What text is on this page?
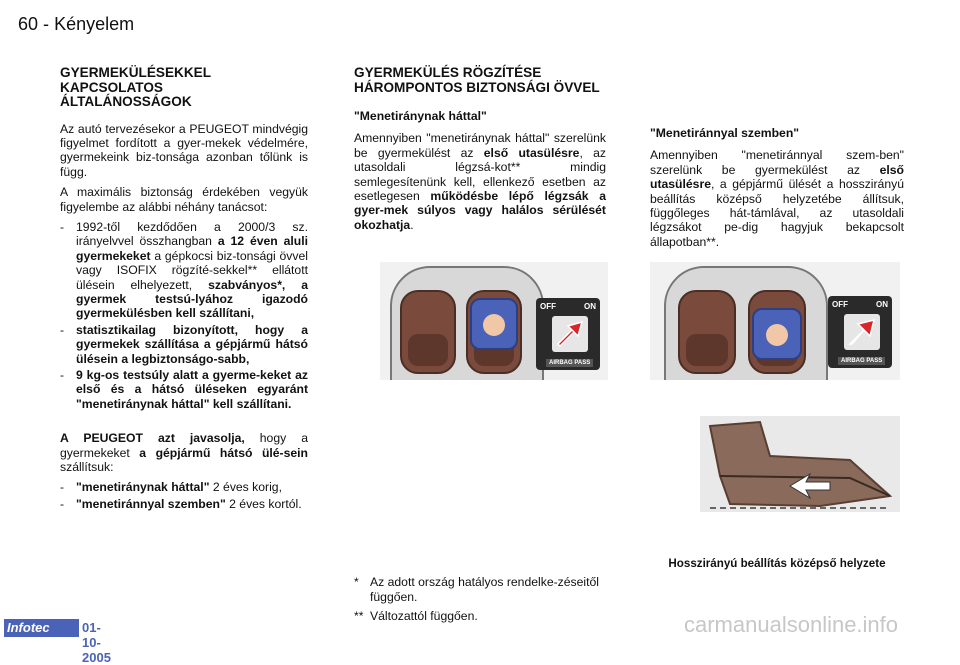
60 - Kényelem
GYERMEKÜLÉSEKKEL KAPCSOLATOS ÁLTALÁNOSSÁGOK

Az autó tervezésekor a PEUGEOT mindvégig figyelmet fordított a gyer-mekek védelmére, gyermekeink biz-tonsága azonban tőlünk is függ.

A maximális biztonság érdekében vegyük figyelembe az alábbi néhány tanácsot:

- 1992-től kezdődően a 2000/3 sz. irányelvvel összhangban a 12 éven aluli gyermekeket a gépkocsi biz-tonsági övvel vagy ISOFIX rögzíté-sekkel** ellátott ülésein elhelyezett, szabványos*, a gyermek testsú-lyához igazodó gyermekülésben kell szállítani,
- statisztikailag bizonyított, hogy a gyermekek szállítása a gépjármű hátsó ülésein a legbiztonságo-sabb,
- 9 kg-os testsúly alatt a gyerme-keket az első és a hátsó üléseken egyaránt "menetiránynak háttal" kell szállítani.

A PEUGEOT azt javasolja, hogy a gyermekeket a gépjármű hátsó ülé-sein szállítsuk:

- "menetiránynak háttal" 2 éves korig,
- "menetiránnyal szemben" 2 éves kortól.
GYERMEKÜLÉS RÖGZÍTÉSE HÁROMPONTOS BIZTONSÁGI ÖVVEL
"Menetiránynak háttal"

Amennyiben "menetiránynak háttal" szerelünk be gyermekülést az első utasülésre, az utasoldali légzsá-kot** mindig semlegesítenünk kell, ellenkező esetben az esetlegesen működésbe lépő légzsák a gyer-mek súlyos vagy halálos sérülését okozhatja.

"Menetiránnyal szemben"

Amennyiben "menetiránnyal szem-ben" szerelünk be gyermekülést az első utasülésre, a gépjármű ülését a hosszirányú beállítás középső helyzetébe állítsuk, függőleges hát-támlával, az utasoldali légzsákot pe-dig hagyjuk bekapcsolt állapotban**.

OFF	ON
AIRBAG PASS
OFF	ON
AIRBAG PASS
Hosszirányú beállítás középső helyzete
* Az adott ország hatályos rendelke-zéseitől függően.
** Változattól függően.
Infotec	01-10-2005
carmanualsonline.info
